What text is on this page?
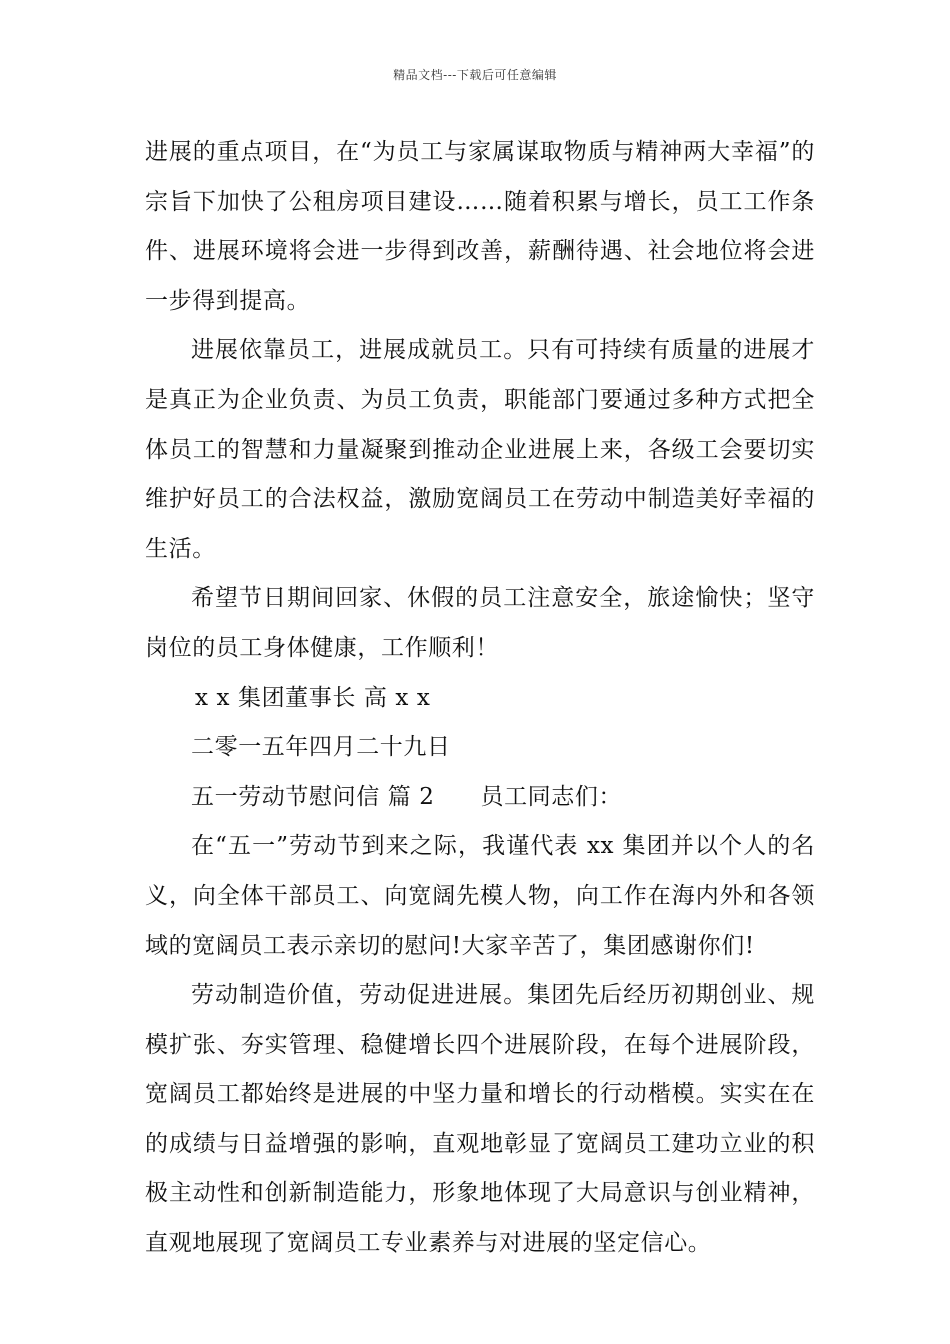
精品文档---下载后可任意编辑

进展的重点项目，在“为员工与家属谋取物质与精神两大幸福”的宗旨下加快了公租房项目建设……随着积累与增长，员工工作条件、进展环境将会进一步得到改善，薪酬待遇、社会地位将会进一步得到提高。

进展依靠员工，进展成就员工。只有可持续有质量的进展才是真正为企业负责、为员工负责，职能部门要通过多种方式把全体员工的智慧和力量凝聚到推动企业进展上来，各级工会要切实维护好员工的合法权益，激励宽阔员工在劳动中制造美好幸福的生活。

希望节日期间回家、休假的员工注意安全，旅途愉快；坚守岗位的员工身体健康，工作顺利！

x x 集团董事长 高 x x

二零一五年四月二十九日

五一劳动节慰问信 篇 2 员工同志们：

在“五一”劳动节到来之际，我谨代表 xx 集团并以个人的名义，向全体干部员工、向宽阔先模人物，向工作在海内外和各领域的宽阔员工表示亲切的慰问!大家辛苦了，集团感谢你们!

劳动制造价值，劳动促进进展。集团先后经历初期创业、规模扩张、夯实管理、稳健增长四个进展阶段，在每个进展阶段，宽阔员工都始终是进展的中坚力量和增长的行动楷模。实实在在的成绩与日益增强的影响，直观地彰显了宽阔员工建功立业的积极主动性和创新制造能力，形象地体现了大局意识与创业精神，直观地展现了宽阔员工专业素养与对进展的坚定信心。
